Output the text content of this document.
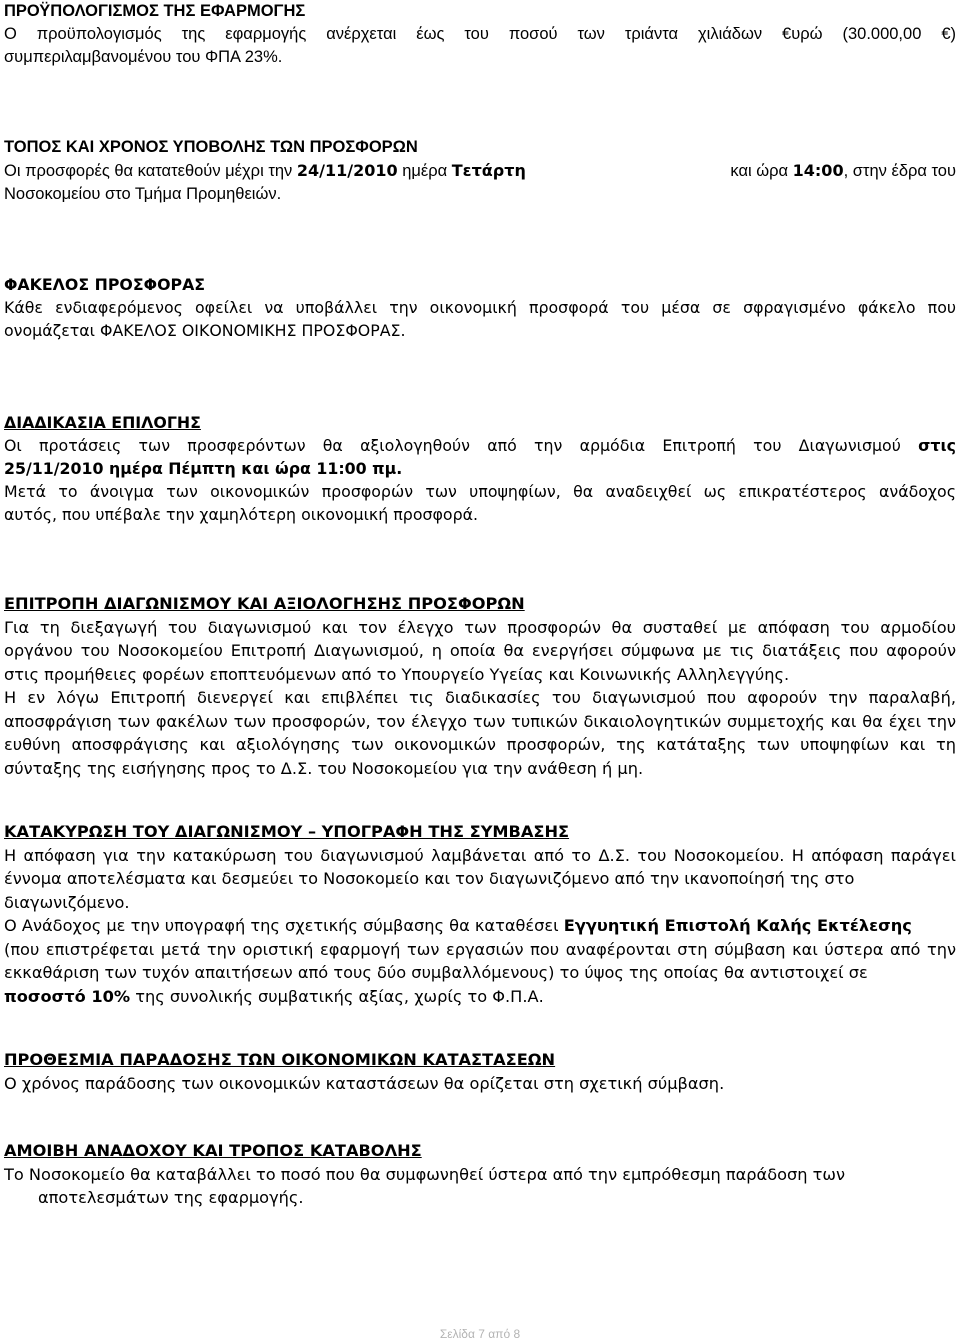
ΠΡΟΫΠΟΛΟΓΙΣΜΟΣ ΤΗΣ ΕΦΑΡΜΟΓΗΣ
Ο προϋπολογισμός της εφαρμογής ανέρχεται έως του ποσού των τριάντα χιλιάδων €υρώ (30.000,00 €)
συμπεριλαμβανομένου του ΦΠΑ 23%.
ΤΟΠΟΣ ΚΑΙ ΧΡΟΝΟΣ ΥΠΟΒΟΛΗΣ ΤΩΝ ΠΡΟΣΦΟΡΩΝ
Οι προσφορές θα κατατεθούν μέχρι την 24/11/2010 ημέρα Τετάρτη	και ώρα 14:00, στην έδρα του
Νοσοκομείου στο Τμήμα Προμηθειών.
ΦΑΚΕΛΟΣ ΠΡΟΣΦΟΡΑΣ
Κάθε ενδιαφερόμενος οφείλει να υποβάλλει την οικονομική προσφορά του μέσα σε σφραγισμένο φάκελο που
ονομάζεται ΦΑΚΕΛΟΣ ΟΙΚΟΝΟΜΙΚΗΣ ΠΡΟΣΦΟΡΑΣ.
ΔΙΑΔΙΚΑΣΙΑ ΕΠΙΛΟΓΗΣ
Οι προτάσεις των προσφερόντων θα αξιολογηθούν από την αρμόδια Επιτροπή του Διαγωνισμού στις
25/11/2010 ημέρα Πέμπτη και ώρα 11:00 πμ.
Μετά το άνοιγμα των οικονομικών προσφορών των υποψηφίων, θα αναδειχθεί ως επικρατέστερος ανάδοχος
αυτός, που υπέβαλε την χαμηλότερη οικονομική προσφορά.
ΕΠΙΤΡΟΠΗ ΔΙΑΓΩΝΙΣΜΟΥ ΚΑΙ ΑΞΙΟΛΟΓΗΣΗΣ ΠΡΟΣΦΟΡΩΝ
Για τη διεξαγωγή του διαγωνισμού και τον έλεγχο των προσφορών θα συσταθεί με απόφαση του αρμοδίου
οργάνου του Νοσοκομείου Επιτροπή Διαγωνισμού, η οποία θα ενεργήσει σύμφωνα με τις διατάξεις που αφορούν
στις προμήθειες φορέων εποπτευόμενων από το Υπουργείο Υγείας και Κοινωνικής Αλληλεγγύης.
Η εν λόγω Επιτροπή διενεργεί και επιβλέπει τις διαδικασίες του διαγωνισμού που αφορούν την παραλαβή,
αποσφράγιση των φακέλων των προσφορών, τον έλεγχο των τυπικών δικαιολογητικών συμμετοχής και θα έχει την
ευθύνη αποσφράγισης και αξιολόγησης των οικονομικών προσφορών, της κατάταξης των υποψηφίων και τη
σύνταξης της εισήγησης προς το Δ.Σ. του Νοσοκομείου για την ανάθεση ή μη.
ΚΑΤΑΚΥΡΩΣΗ ΤΟΥ ΔΙΑΓΩΝΙΣΜΟΥ – ΥΠΟΓΡΑΦΗ ΤΗΣ ΣΥΜΒΑΣΗΣ
Η απόφαση για την κατακύρωση του διαγωνισμού λαμβάνεται από το Δ.Σ. του Νοσοκομείου. Η απόφαση παράγει
έννομα αποτελέσματα και δεσμεύει το Νοσοκομείο και τον διαγωνιζόμενο από την ικανοποίησή της στο
διαγωνιζόμενο.
Ο Ανάδοχος με την υπογραφή της σχετικής σύμβασης θα καταθέσει Εγγυητική Επιστολή Καλής Εκτέλεσης
(που επιστρέφεται μετά την οριστική εφαρμογή των εργασιών που αναφέρονται στη σύμβαση και ύστερα από την
εκκαθάριση των τυχόν απαιτήσεων από τους δύο συμβαλλόμενους) το ύψος της οποίας θα αντιστοιχεί σε
ποσοστό 10% της συνολικής συμβατικής αξίας, χωρίς το Φ.Π.Α.
ΠΡΟΘΕΣΜΙΑ ΠΑΡΑΔΟΣΗΣ ΤΩΝ ΟΙΚΟΝΟΜΙΚΩΝ ΚΑΤΑΣΤΑΣΕΩΝ
Ο χρόνος παράδοσης των οικονομικών καταστάσεων θα ορίζεται στη σχετική σύμβαση.
ΑΜΟΙΒΗ ΑΝΑΔΟΧΟΥ ΚΑΙ ΤΡΟΠΟΣ ΚΑΤΑΒΟΛΗΣ
Το Νοσοκομείο θα καταβάλλει το ποσό που θα συμφωνηθεί ύστερα από την εμπρόθεσμη παράδοση των
αποτελεσμάτων της εφαρμογής.
Σελίδα 7 από 8
